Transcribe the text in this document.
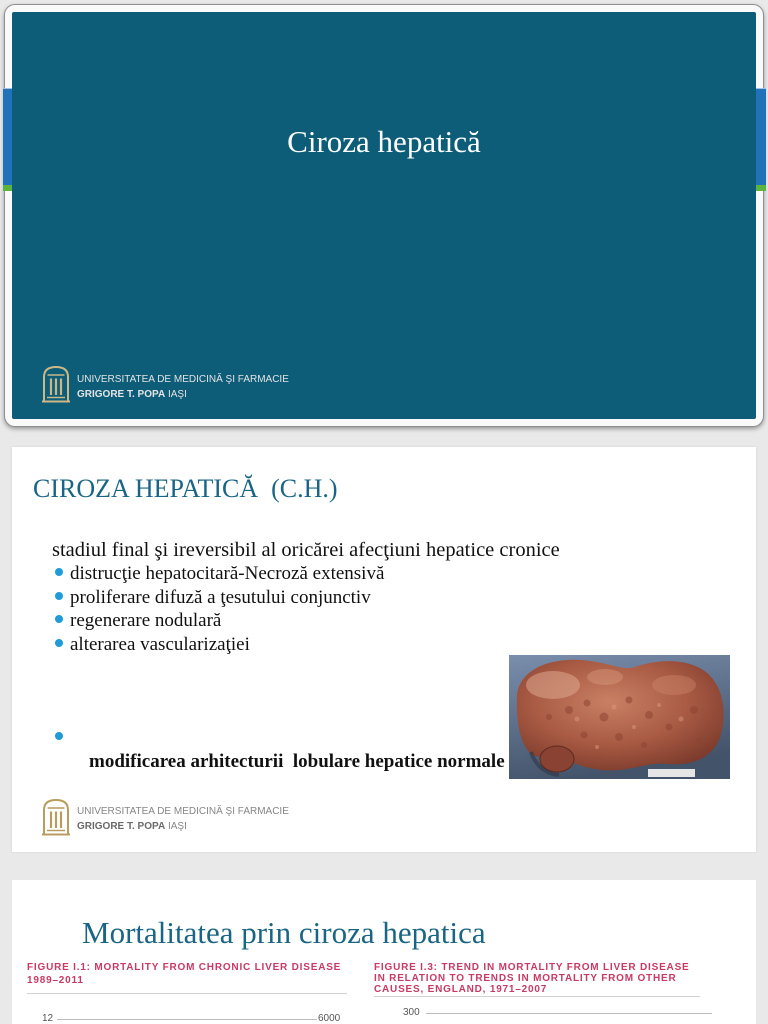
Ciroza hepatică
UNIVERSITATEA DE MEDICINĂ ŞI FARMACIE
GRIGORE T. POPA IAŞI
CIROZA HEPATICĂ  (C.H.)
stadiul final şi ireversibil al oricărei afecţiuni hepatice cronice
distrucţie hepatocitară-Necroză extensivă
proliferare difuză a ţesutului conjunctiv
regenerare nodulară
alterarea vascularizaţiei

modificarea arhitecturii  lobulare hepatice normale

UNIVERSITATEA DE MEDICINĂ ŞI FARMACIE
GRIGORE T. POPA IAŞI
Mortalitatea prin ciroza hepatica
FIGURE I.1: MORTALITY FROM CHRONIC LIVER DISEASE
1989–2011
FIGURE I.3: TREND IN MORTALITY FROM LIVER DISEASE
IN RELATION TO TRENDS IN MORTALITY FROM OTHER
CAUSES, ENGLAND, 1971–2007
12	6000
300
